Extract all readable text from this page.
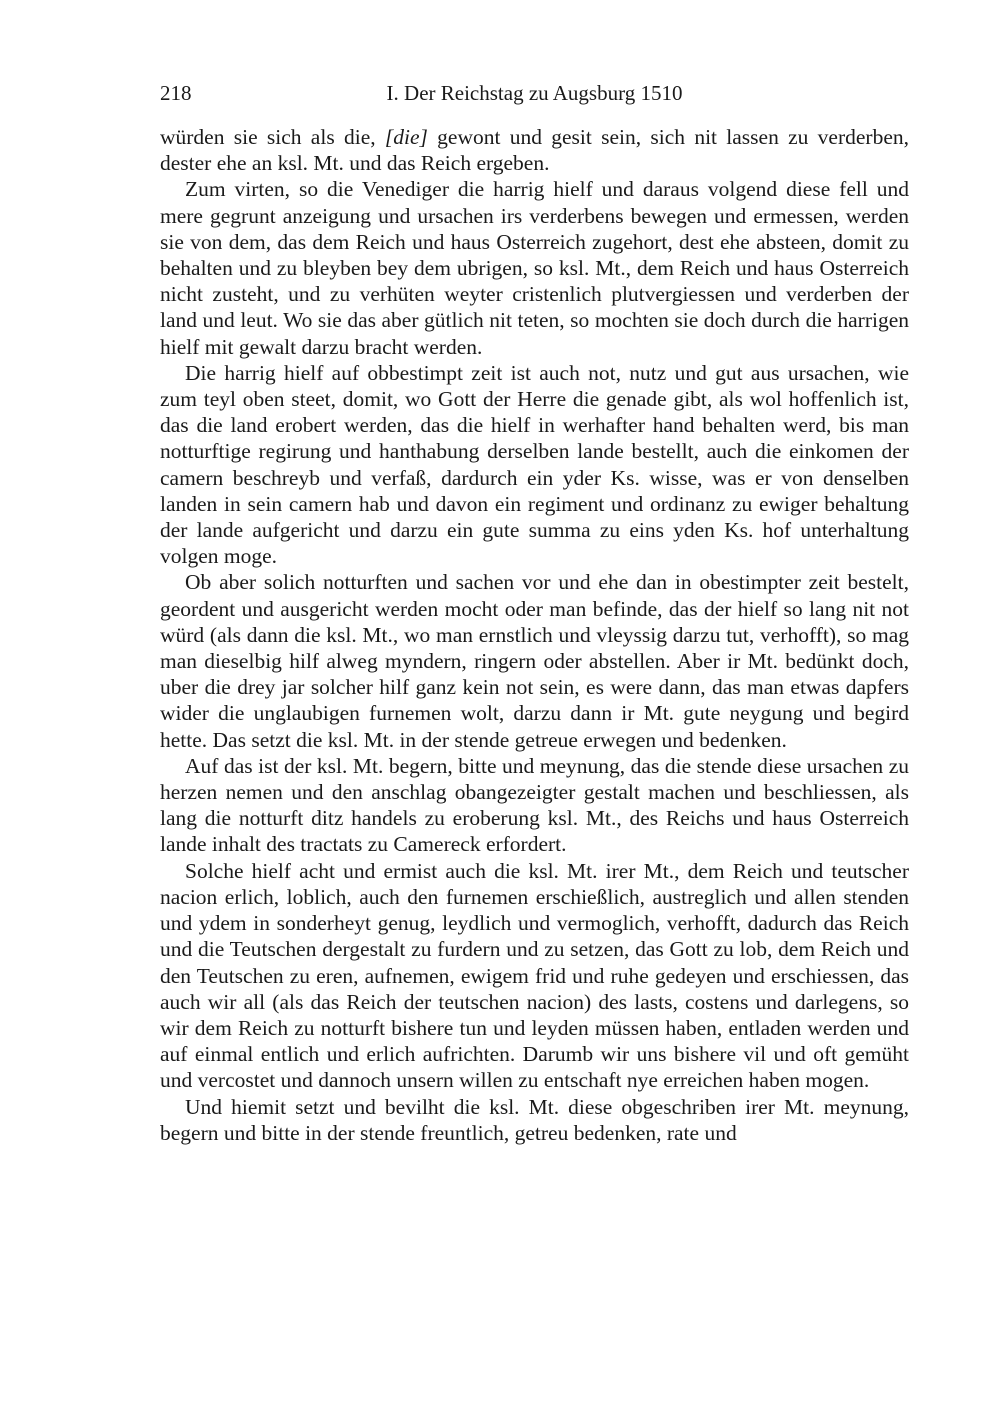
218	I. Der Reichstag zu Augsburg 1510

würden sie sich als die, [die] gewont und gesit sein, sich nit lassen zu verderben, dester ehe an ksl. Mt. und das Reich ergeben.

Zum virten, so die Venediger die harrig hielf und daraus volgend diese fell und mere gegrunt anzeigung und ursachen irs verderbens bewegen und ermessen, werden sie von dem, das dem Reich und haus Osterreich zugehort, dest ehe absteen, domit zu behalten und zu bleyben bey dem ubrigen, so ksl. Mt., dem Reich und haus Osterreich nicht zusteht, und zu verhüten weyter cristenlich plutvergiessen und verderben der land und leut. Wo sie das aber gütlich nit teten, so mochten sie doch durch die harrigen hielf mit gewalt darzu bracht werden.

Die harrig hielf auf obbestimpt zeit ist auch not, nutz und gut aus ursachen, wie zum teyl oben steet, domit, wo Gott der Herre die genade gibt, als wol hoffenlich ist, das die land erobert werden, das die hielf in werhafter hand behalten werd, bis man notturftige regirung und hanthabung derselben lande bestellt, auch die einkomen der camern beschreyb und verfaß, dardurch ein yder Ks. wisse, was er von denselben landen in sein camern hab und davon ein regiment und ordinanz zu ewiger behaltung der lande aufgericht und darzu ein gute summa zu eins yden Ks. hof unterhaltung volgen moge.

Ob aber solich notturften und sachen vor und ehe dan in obestimpter zeit bestelt, geordent und ausgericht werden mocht oder man befinde, das der hielf so lang nit not würd (als dann die ksl. Mt., wo man ernstlich und vleyssig darzu tut, verhofft), so mag man dieselbig hilf alweg myndern, ringern oder abstellen. Aber ir Mt. bedünkt doch, uber die drey jar solcher hilf ganz kein not sein, es were dann, das man etwas dapfers wider die unglaubigen furnemen wolt, darzu dann ir Mt. gute neygung und begird hette. Das setzt die ksl. Mt. in der stende getreue erwegen und bedenken.

Auf das ist der ksl. Mt. begern, bitte und meynung, das die stende diese ursachen zu herzen nemen und den anschlag obangezeigter gestalt machen und beschliessen, als lang die notturft ditz handels zu eroberung ksl. Mt., des Reichs und haus Osterreich lande inhalt des tractats zu Camereck erfordert.

Solche hielf acht und ermist auch die ksl. Mt. irer Mt., dem Reich und teutscher nacion erlich, loblich, auch den furnemen erschießlich, austreglich und allen stenden und ydem in sonderheyt genug, leydlich und vermoglich, verhofft, dadurch das Reich und die Teutschen dergestalt zu furdern und zu setzen, das Gott zu lob, dem Reich und den Teutschen zu eren, aufnemen, ewigem frid und ruhe gedeyen und erschiessen, das auch wir all (als das Reich der teutschen nacion) des lasts, costens und darlegens, so wir dem Reich zu notturft bishere tun und leyden müssen haben, entladen werden und auf einmal entlich und erlich aufrichten. Darumb wir uns bishere vil und oft gemüht und vercostet und dannoch unsern willen zu entschaft nye erreichen haben mogen.

Und hiemit setzt und bevilht die ksl. Mt. diese obgeschriben irer Mt. meynung, begern und bitte in der stende freuntlich, getreu bedenken, rate und
